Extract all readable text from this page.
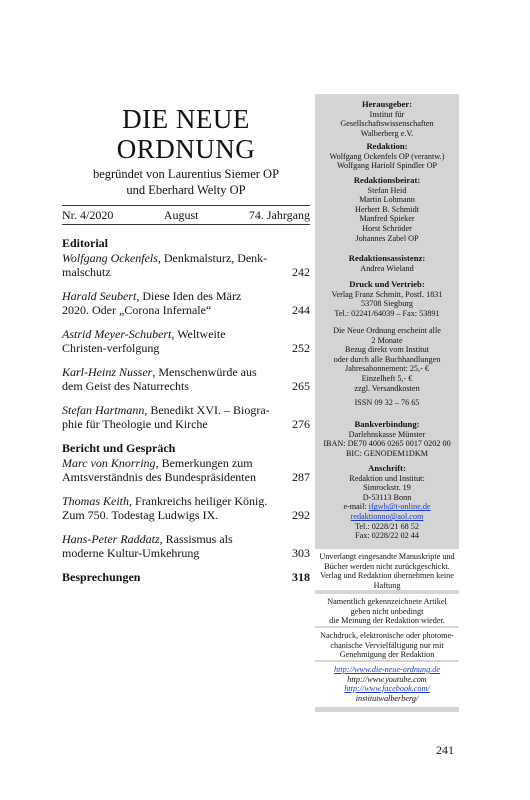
DIE NEUE
ORDNUNG
begründet von Laurentius Siemer OP
und Eberhard Welty OP
Nr. 4/2020	August	74. Jahrgang
Editorial
Wolfgang Ockenfels, Denkmalsturz, Denk-malschutz	242
Harald Seubert, Diese Iden des März 2020. Oder „Corona Infernale“	244
Astrid Meyer-Schubert, Weltweite Christen-verfolgung	252
Karl-Heinz Nusser, Menschenwürde aus dem Geist des Naturrechts	265
Stefan Hartmann, Benedikt XVI. – Biogra-phie für Theologie und Kirche	276
Bericht und Gespräch
Marc von Knorring, Bemerkungen zum Amtsverständnis des Bundespräsidenten	287
Thomas Keith, Frankreichs heiliger König. Zum 750. Todestag Ludwigs IX.	292
Hans-Peter Raddatz, Rassismus als moderne Kultur-Umkehrung	303
Besprechungen	318
Herausgeber:
Institut für
Gesellschaftswissenschaften
Walberberg e.V.
Redaktion:
Wolfgang Ockenfels OP (verantw.)
Wolfgang Hariolf Spindler OP
Redaktionsbeirat:
Stefan Heid
Martin Lohmann
Herbert B. Schmidt
Manfred Spieker
Horst Schröder
Johannes Zabel OP
Redaktionsassistenz:
Andrea Wieland
Druck und Vertrieb:
Verlag Franz Schmitt, Postf. 1831
53708 Siegburg
Tel.: 02241/64039 – Fax: 53891
Die Neue Ordnung erscheint alle
2 Monate
Bezug direkt vom Institut
oder durch alle Buchhandlungen
Jahresabonnement: 25,- €
Einzelheft 5,- €
zzgl. Versandkosten
ISSN 09 32 – 76 65
Bankverbindung:
Darlehnskasse Münster
IBAN: DE70 4006 0265 0017 0202 00
BIC: GENODEM1DKM
Anschrift:
Redaktion und Institut:
Simrockstr. 19
D-53113 Bonn
e-mail: ifgwb@t-online.de
redaktionno@aol.com
Tel.: 0228/21 68 52
Fax: 0228/22 02 44
Unverlangt eingesandte Manuskripte und
Bücher werden nicht zurückgeschickt.
Verlag und Redaktion übernehmen keine
Haftung
Namentlich gekennzeichnete Artikel
geben nicht unbedingt
die Meinung der Redaktion wieder.
Nachdruck, elektronische oder photome-
chanische Vervielfältigung nur mit
Genehmigung der Redaktion
http://www.die-neue-ordnung.de
http://www.youtube.com
http://www.facebook.com/
institutwalberberg/
241
